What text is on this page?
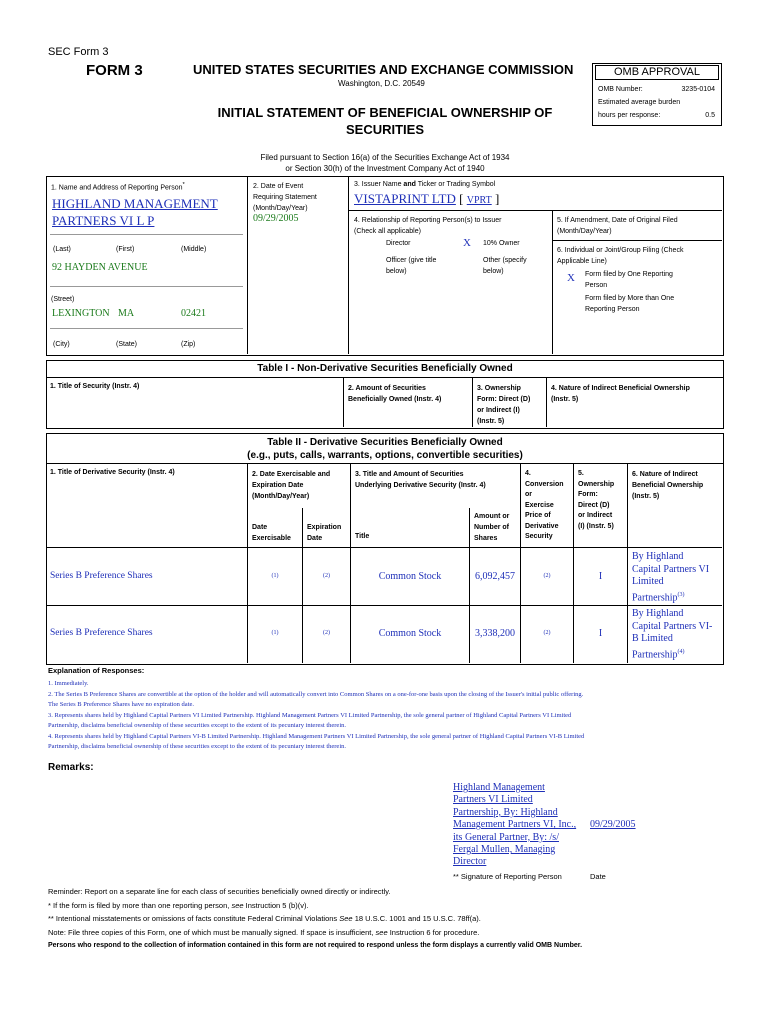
SEC Form 3
FORM 3	UNITED STATES SECURITIES AND EXCHANGE COMMISSION
Washington, D.C. 20549
INITIAL STATEMENT OF BENEFICIAL OWNERSHIP OF
SECURITIES
Filed pursuant to Section 16(a) of the Securities Exchange Act of 1934
or Section 30(h) of the Investment Company Act of 1940
OMB APPROVAL
OMB Number:	3235-0104
Estimated average burden
hours per response:	0.5
1. Name and Address of Reporting Person*
HIGHLAND MANAGEMENT
PARTNERS VI L P
(Last)	(First)	(Middle)
92 HAYDEN AVENUE
(Street)
LEXINGTON MA	02421
(City)	(State)	(Zip)
2. Date of Event
Requiring Statement
(Month/Day/Year)
09/29/2005
3. Issuer Name and Ticker or Trading Symbol
VISTAPRINT LTD [ VPRT ]
4. Relationship of Reporting Person(s) to Issuer
(Check all applicable)
Director	X 10% Owner
Officer (give title
below)
Other (specify
below)
5. If Amendment, Date of Original Filed
(Month/Day/Year)
6. Individual or Joint/Group Filing (Check
Applicable Line)
X Form filed by One Reporting
Person
Form filed by More than One
Reporting Person
Table I - Non-Derivative Securities Beneficially Owned
1. Title of Security (Instr. 4)	2. Amount of Securities
Beneficially Owned (Instr. 4)
3. Ownership
Form: Direct (D)
or Indirect (I)
(Instr. 5)
4. Nature of Indirect Beneficial Ownership
(Instr. 5)
Table II - Derivative Securities Beneficially Owned
(e.g., puts, calls, warrants, options, convertible securities)
1. Title of Derivative Security (Instr. 4)	2. Date Exercisable and
Expiration Date
(Month/Day/Year)
Date
Exercisable
Expiration
Date
3. Title and Amount of Securities
Underlying Derivative Security (Instr. 4)
Title
Amount or
Number of
Shares
4.
Conversion
or
Exercise
Price of
Derivative
Security
5.
Ownership
Form:
Direct (D)
or Indirect
(I) (Instr. 5)
6. Nature of Indirect
Beneficial Ownership
(Instr. 5)
Series B Preference Shares	(1)	(2)	Common Stock	6,092,457	(2)	I
By Highland
Capital Partners VI
Limited
Partnership$^{(3)}$
Series B Preference Shares	(1)	(2)	Common Stock	3,338,200	(2)	I
By Highland
Capital Partners VI-
B Limited
Partnership$^{(4)}$
Explanation of Responses:
1. Immediately.
2. The Series B Preference Shares are convertible at the option of the holder and will automatically convert into Common Shares on a one-for-one basis upon the closing of the Issuer's initial public offering.
The Series B Preference Shares have no expiration date.
3. Represents shares held by Highland Capital Partners VI Limited Partnership. Highland Management Partners VI Limited Partnership, the sole general partner of Highland Capital Partners VI Limited
Partnership, disclaims beneficial ownership of these securities except to the extent of its pecuniary interest therein.
4. Represents shares held by Highland Capital Partners VI-B Limited Partnership. Highland Management Partners VI Limited Partnership, the sole general partner of Highland Capital Partners VI-B Limited
Partnership, disclaims beneficial ownership of these securities except to the extent of its pecuniary interest therein.
Remarks:
Highland Management
Partners VI Limited
Partnership, By: Highland
Management Partners VI, Inc.,
its General Partner, By: /s/
Fergal Mullen, Managing
Director
09/29/2005
** Signature of Reporting Person	Date
Reminder: Report on a separate line for each class of securities beneficially owned directly or indirectly.
* If the form is filed by more than one reporting person, see Instruction 5 (b)(v).
** Intentional misstatements or omissions of facts constitute Federal Criminal Violations See 18 U.S.C. 1001 and 15 U.S.C. 78ff(a).
Note: File three copies of this Form, one of which must be manually signed. If space is insufficient, see Instruction 6 for procedure.
Persons who respond to the collection of information contained in this form are not required to respond unless the form displays a currently valid OMB Number.
